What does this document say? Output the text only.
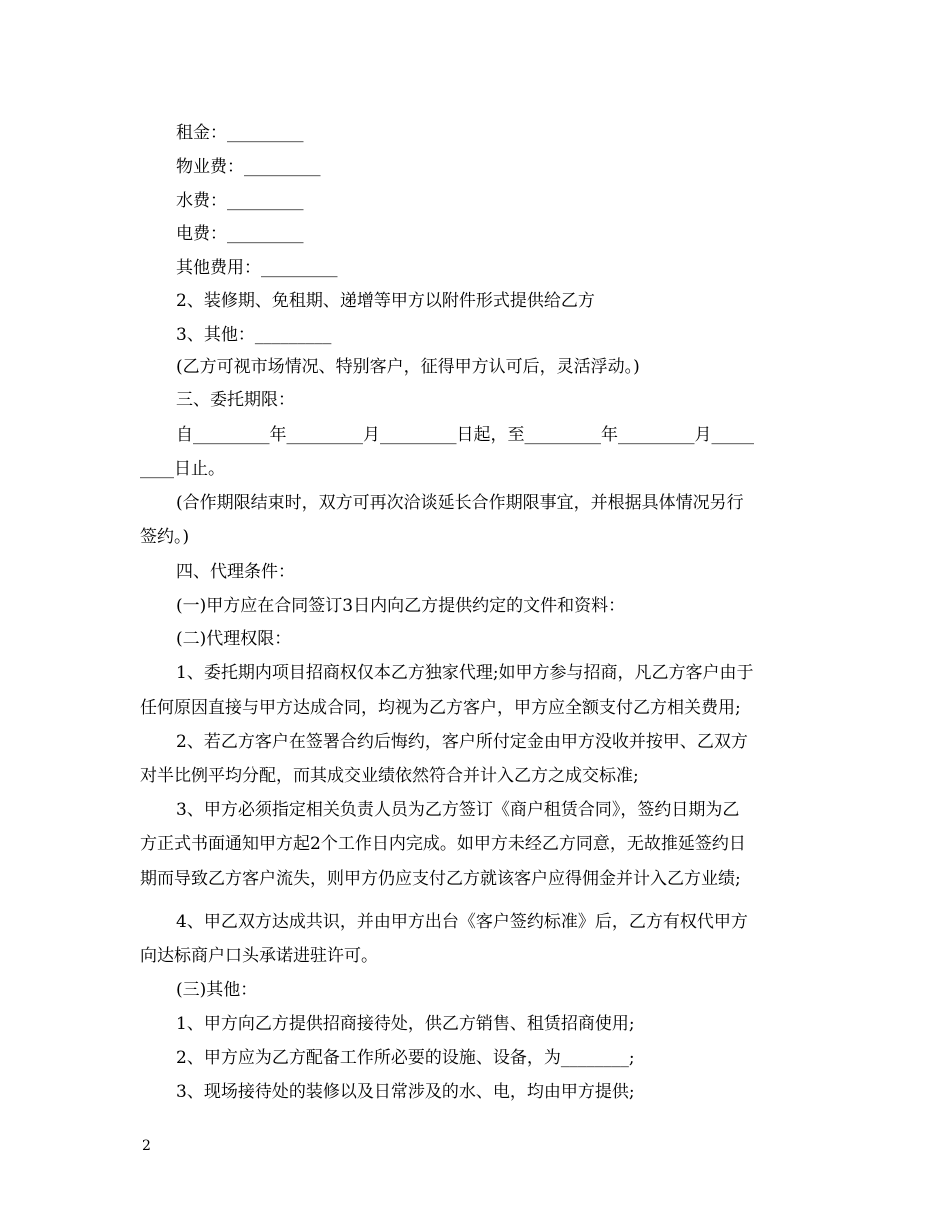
租金：_________
物业费：_________
水费：_________
电费：_________
其他费用：_________
2、装修期、免租期、递增等甲方以附件形式提供给乙方
3、其他：_________
(乙方可视市场情况、特别客户，征得甲方认可后，灵活浮动。)
三、委托期限：
自_________年_________月_________日起，至_________年_________月_____
____日止。
(合作期限结束时，双方可再次洽谈延长合作期限事宜，并根据具体情况另行
签约。)
四、代理条件：
(一)甲方应在合同签订3日内向乙方提供约定的文件和资料：
(二)代理权限：
1、委托期内项目招商权仅本乙方独家代理;如甲方参与招商，凡乙方客户由于
任何原因直接与甲方达成合同，均视为乙方客户，甲方应全额支付乙方相关费用;
2、若乙方客户在签署合约后悔约，客户所付定金由甲方没收并按甲、乙双方
对半比例平均分配，而其成交业绩依然符合并计入乙方之成交标准;
3、甲方必须指定相关负责人员为乙方签订《商户租赁合同》，签约日期为乙
方正式书面通知甲方起2个工作日内完成。如甲方未经乙方同意，无故推延签约日
期而导致乙方客户流失，则甲方仍应支付乙方就该客户应得佣金并计入乙方业绩;
4、甲乙双方达成共识，并由甲方出台《客户签约标准》后，乙方有权代甲方
向达标商户口头承诺进驻许可。
(三)其他：
1、甲方向乙方提供招商接待处，供乙方销售、租赁招商使用;
2、甲方应为乙方配备工作所必要的设施、设备，为________;
3、现场接待处的装修以及日常涉及的水、电，均由甲方提供;
2
